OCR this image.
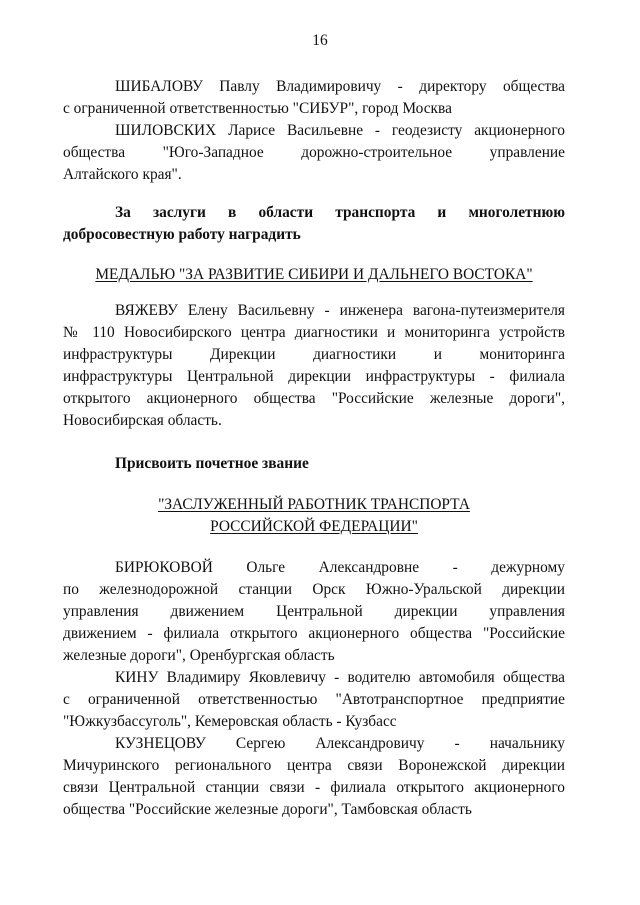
16
ШИБАЛОВУ Павлу Владимировичу - директору общества
с ограниченной ответственностью "СИБУР", город Москва
ШИЛОВСКИХ Ларисе Васильевне - геодезисту акционерного
общества "Юго-Западное дорожно-строительное управление
Алтайского края".
За заслуги в области транспорта и многолетнюю
добросовестную работу наградить
МЕДАЛЬЮ "ЗА РАЗВИТИЕ СИБИРИ И ДАЛЬНЕГО ВОСТОКА"
ВЯЖЕВУ Елену Васильевну - инженера вагона-путеизмерителя
№ 110 Новосибирского центра диагностики и мониторинга устройств
инфраструктуры Дирекции диагностики и мониторинга
инфраструктуры Центральной дирекции инфраструктуры - филиала
открытого акционерного общества "Российские железные дороги",
Новосибирская область.
Присвоить почетное звание
"ЗАСЛУЖЕННЫЙ РАБОТНИК ТРАНСПОРТА
РОССИЙСКОЙ ФЕДЕРАЦИИ"
БИРЮКОВОЙ Ольге Александровне - дежурному
по железнодорожной станции Орск Южно-Уральской дирекции
управления движением Центральной дирекции управления
движением - филиала открытого акционерного общества "Российские
железные дороги", Оренбургская область
КИНУ Владимиру Яковлевичу - водителю автомобиля общества
с ограниченной ответственностью "Автотранспортное предприятие
"Южкузбассуголь", Кемеровская область - Кузбасс
КУЗНЕЦОВУ Сергею Александровичу - начальнику
Мичуринского регионального центра связи Воронежской дирекции
связи Центральной станции связи - филиала открытого акционерного
общества "Российские железные дороги", Тамбовская область
